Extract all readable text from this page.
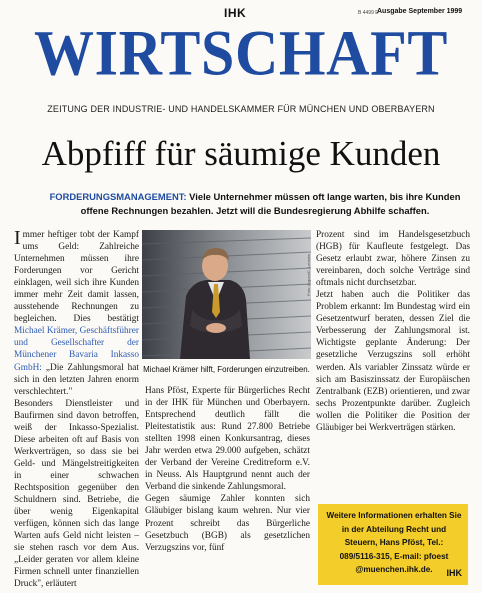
IHK	B 4499 E
Ausgabe September 1999
WIRTSCHAFT
ZEITUNG DER INDUSTRIE- UND HANDELSKAMMER FÜR MÜNCHEN UND OBERBAYERN
Abpfiff für säumige Kunden
FORDERUNGSMANAGEMENT: Viele Unternehmer müssen oft lange warten, bis ihre Kunden offene Rechnungen bezahlen. Jetzt will die Bundesregierung Abhilfe schaffen.

Immer heftiger tobt der Kampf ums Geld: Zahlreiche Unternehmen müssen ihre Forderungen vor Gericht einklagen, weil sich ihre Kunden immer mehr Zeit damit lassen, ausstehende Rechnungen zu begleichen. Dies bestätigt Michael Krämer, Geschäftsführer und Gesellschafter der Münchener Bavaria Inkasso GmbH: „Die Zahlungsmoral hat sich in den letzten Jahren enorm verschlechtert."

Besonders Dienstleister und Baufirmen sind davon betroffen, weiß der Inkasso-Spezialist. Diese arbeiten oft auf Basis von Werkverträgen, so dass sie bei Geld- und Mängelstreitigkeiten in einer schwachen Rechtsposition gegenüber den Schuldnern sind. Betriebe, die über wenig Eigenkapital verfügen, können sich das lange Warten aufs Geld nicht leisten – sie stehen rasch vor dem Aus. „Leider geraten vor allem kleine Firmen schnell unter finanziellen Druck", erläutert

Foto: Argum/C. Lehsten
Michael Krämer hilft, Forderungen einzutreiben.

Hans Pföst, Experte für Bürgerliches Recht in der IHK für München und Oberbayern. Entsprechend deutlich fällt die Pleitestatistik aus: Rund 27.800 Betriebe stellten 1998 einen Konkursantrag, dieses Jahr werden etwa 29.000 aufgeben, schätzt der Verband der Vereine Creditreform e.V. in Neuss. Als Hauptgrund nennt auch der Verband die sinkende Zahlungsmoral.

Gegen säumige Zahler konnten sich Gläubiger bislang kaum wehren. Nur vier Prozent schreibt das Bürgerliche Gesetzbuch (BGB) als gesetzlichen Verzugszins vor, fünf

Prozent sind im Handelsgesetzbuch (HGB) für Kaufleute festgelegt. Das Gesetz erlaubt zwar, höhere Zinsen zu vereinbaren, doch solche Verträge sind oftmals nicht durchsetzbar.

Jetzt haben auch die Politiker das Problem erkannt: Im Bundestag wird ein Gesetzentwurf beraten, dessen Ziel die Verbesserung der Zahlungsmoral ist. Wichtigste geplante Änderung: Der gesetzliche Verzugszins soll erhöht werden. Als variabler Zinssatz würde er sich am Basiszinssatz der Europäischen Zentralbank (EZB) orientieren, und zwar sechs Prozentpunkte darüber. Zugleich wollen die Politiker die Position der Gläubiger bei Werkverträgen stärken.

Weitere Informationen erhalten Sie in der Abteilung Recht und Steuern, Hans Pföst, Tel.: 089/5116-315, E-mail: pfoest @muenchen.ihk.de.	IHK
